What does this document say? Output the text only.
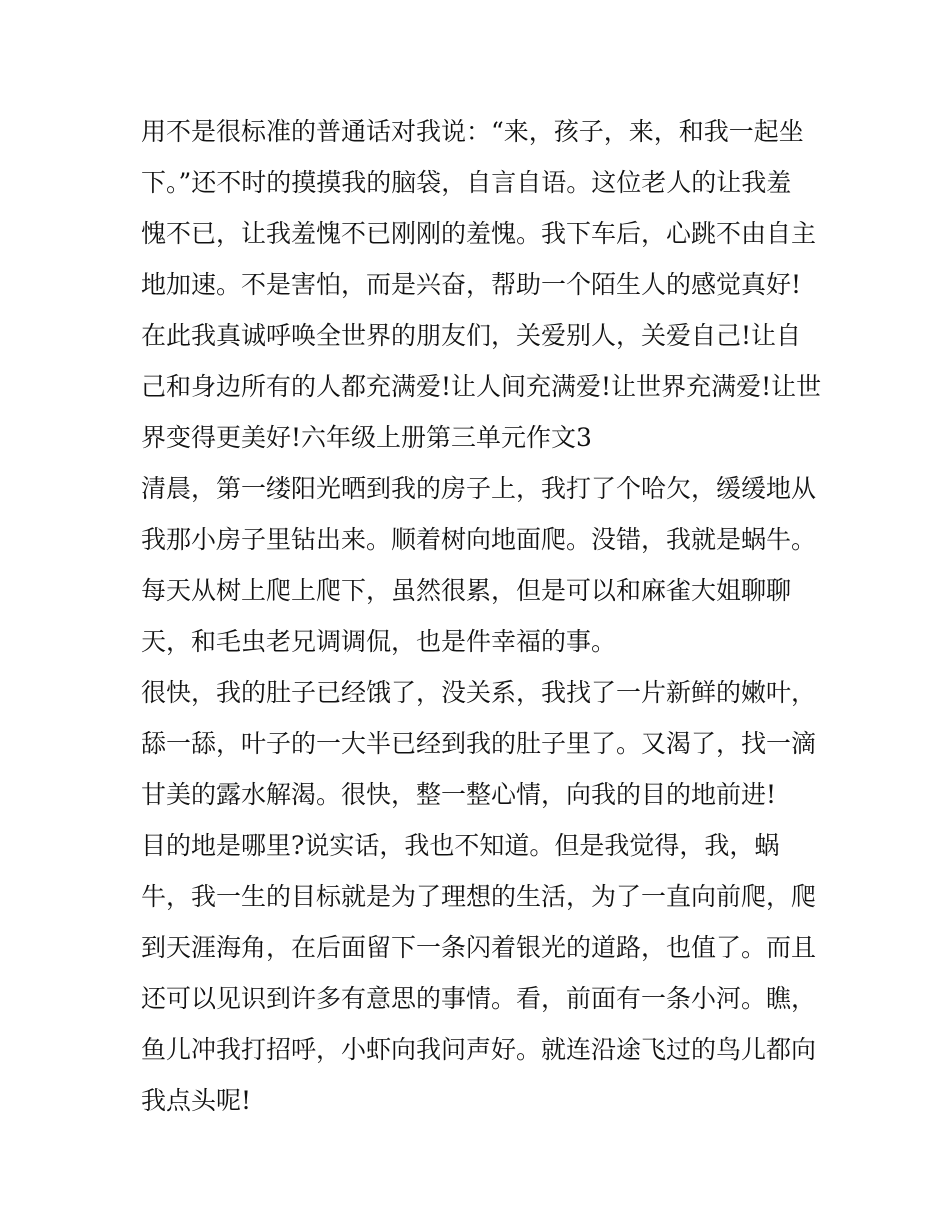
用不是很标准的普通话对我说：“来，孩子，来，和我一起坐
下。”还不时的摸摸我的脑袋，自言自语。这位老人的让我羞
愧不已，让我羞愧不已刚刚的羞愧。我下车后，心跳不由自主
地加速。不是害怕，而是兴奋，帮助一个陌生人的感觉真好!
在此我真诚呼唤全世界的朋友们，关爱别人，关爱自己!让自
己和身边所有的人都充满爱!让人间充满爱!让世界充满爱!让世
界变得更美好!六年级上册第三单元作文3
清晨，第一缕阳光晒到我的房子上，我打了个哈欠，缓缓地从
我那小房子里钻出来。顺着树向地面爬。没错，我就是蜗牛。
每天从树上爬上爬下，虽然很累，但是可以和麻雀大姐聊聊
天，和毛虫老兄调调侃，也是件幸福的事。
很快，我的肚子已经饿了，没关系，我找了一片新鲜的嫩叶，
舔一舔，叶子的一大半已经到我的肚子里了。又渴了，找一滴
甘美的露水解渴。很快，整一整心情，向我的目的地前进!
目的地是哪里?说实话，我也不知道。但是我觉得，我，蜗
牛，我一生的目标就是为了理想的生活，为了一直向前爬，爬
到天涯海角，在后面留下一条闪着银光的道路，也值了。而且
还可以见识到许多有意思的事情。看，前面有一条小河。瞧，
鱼儿冲我打招呼，小虾向我问声好。就连沿途飞过的鸟儿都向
我点头呢!
